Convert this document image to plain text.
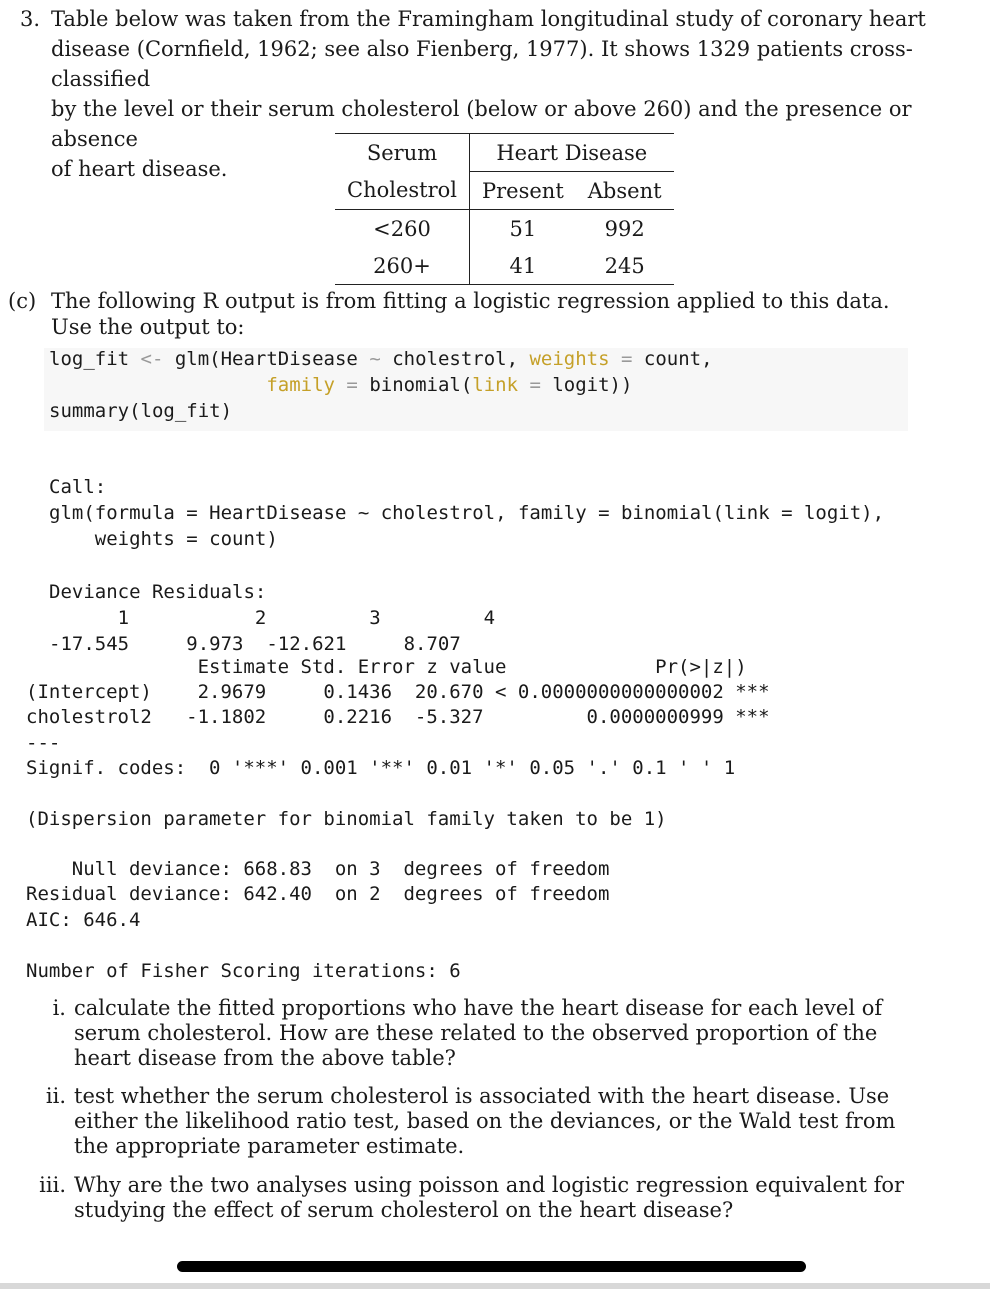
3. Table below was taken from the Framingham longitudinal study of coronary heart
disease (Cornfield, 1962; see also Fienberg, 1977). It shows 1329 patients cross-classified
by the level or their serum cholesterol (below or above 260) and the presence or absence
of heart disease.
Serum	Heart Disease	
Cholestrol	Present	Absent
<260	51	992
260+	41	245
(c) The following R output is from fitting a logistic regression applied to this data.
Use the output to:
log_fit <- glm(HeartDisease ~ cholestrol, weights = count,
family = binomial(link = logit))
summary(log_fit)
Call:
glm(formula = HeartDisease ~ cholestrol, family = binomial(link = logit),
weights = count)
Deviance Residuals:
1           2         3         4
-17.545     9.973  -12.621     8.707
Estimate Std. Error z value             Pr(>|z|)
(Intercept)    2.9679     0.1436  20.670 < 0.0000000000000002 ***
cholestrol2   -1.1802     0.2216  -5.327         0.0000000999 ***
---
Signif. codes:  0 '***' 0.001 '**' 0.01 '*' 0.05 '.' 0.1 ' ' 1
(Dispersion parameter for binomial family taken to be 1)
Null deviance: 668.83  on 3  degrees of freedom
Residual deviance: 642.40  on 2  degrees of freedom
AIC: 646.4
Number of Fisher Scoring iterations: 6
i. calculate the fitted proportions who have the heart disease for each level of
serum cholesterol. How are these related to the observed proportion of the
heart disease from the above table?
ii. test whether the serum cholesterol is associated with the heart disease. Use
either the likelihood ratio test, based on the deviances, or the Wald test from
the appropriate parameter estimate.
iii. Why are the two analyses using poisson and logistic regression equivalent for
studying the effect of serum cholesterol on the heart disease?
